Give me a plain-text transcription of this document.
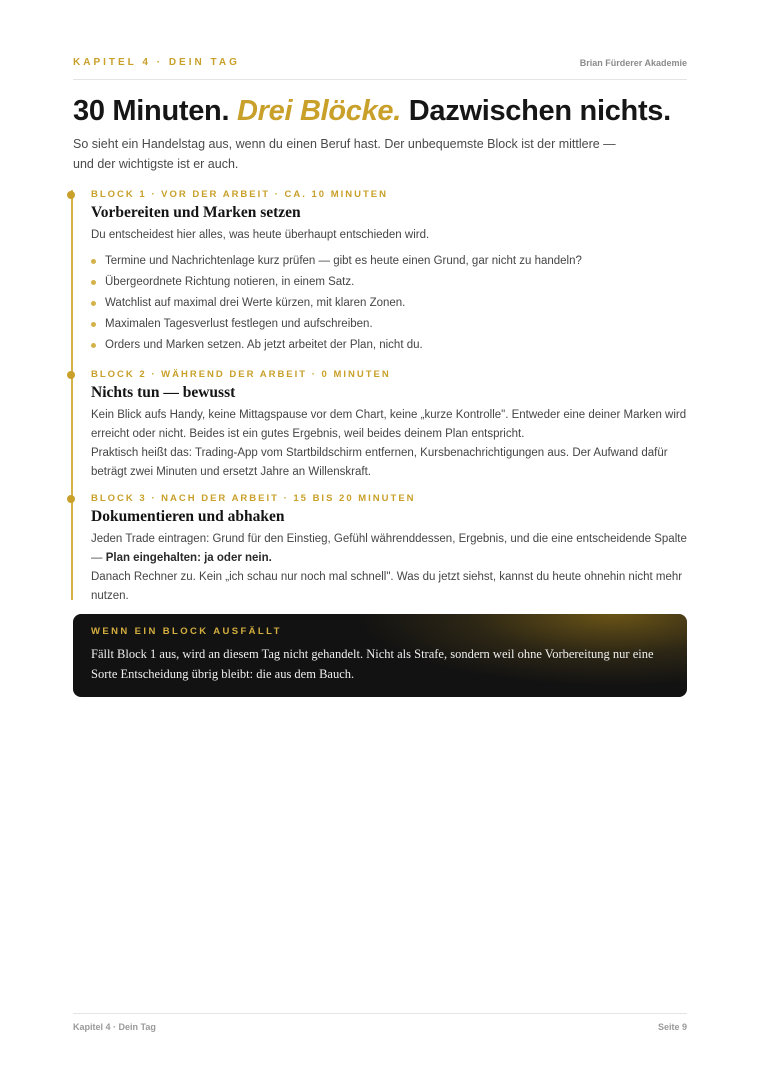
KAPITEL 4 · DEIN TAG	Brian Fürderer Akademie
30 Minuten. Drei Blöcke. Dazwischen nichts.

So sieht ein Handelstag aus, wenn du einen Beruf hast. Der unbequemste Block ist der mittlere — und der wichtigste ist er auch.

BLOCK 1 · VOR DER ARBEIT · CA. 10 MINUTEN

Vorbereiten und Marken setzen

Du entscheidest hier alles, was heute überhaupt entschieden wird.

Termine und Nachrichtenlage kurz prüfen — gibt es heute einen Grund, gar nicht zu handeln?
Übergeordnete Richtung notieren, in einem Satz.
Watchlist auf maximal drei Werte kürzen, mit klaren Zonen.
Maximalen Tagesverlust festlegen und aufschreiben.
Orders und Marken setzen. Ab jetzt arbeitet der Plan, nicht du.

BLOCK 2 · WÄHREND DER ARBEIT · 0 MINUTEN

Nichts tun — bewusst

Kein Blick aufs Handy, keine Mittagspause vor dem Chart, keine „kurze Kontrolle". Entweder eine deiner Marken wird erreicht oder nicht. Beides ist ein gutes Ergebnis, weil beides deinem Plan entspricht.

Praktisch heißt das: Trading-App vom Startbildschirm entfernen, Kursbenachrichtigungen aus. Der Aufwand dafür beträgt zwei Minuten und ersetzt Jahre an Willenskraft.

BLOCK 3 · NACH DER ARBEIT · 15 BIS 20 MINUTEN

Dokumentieren und abhaken

Jeden Trade eintragen: Grund für den Einstieg, Gefühl währenddessen, Ergebnis, und die eine entscheidende Spalte — Plan eingehalten: ja oder nein.

Danach Rechner zu. Kein „ich schau nur noch mal schnell". Was du jetzt siehst, kannst du heute ohnehin nicht mehr nutzen.

WENN EIN BLOCK AUSFÄLLT

Fällt Block 1 aus, wird an diesem Tag nicht gehandelt. Nicht als Strafe, sondern weil ohne Vorbereitung nur eine Sorte Entscheidung übrig bleibt: die aus dem Bauch.

Kapitel 4 · Dein Tag	Seite 9
